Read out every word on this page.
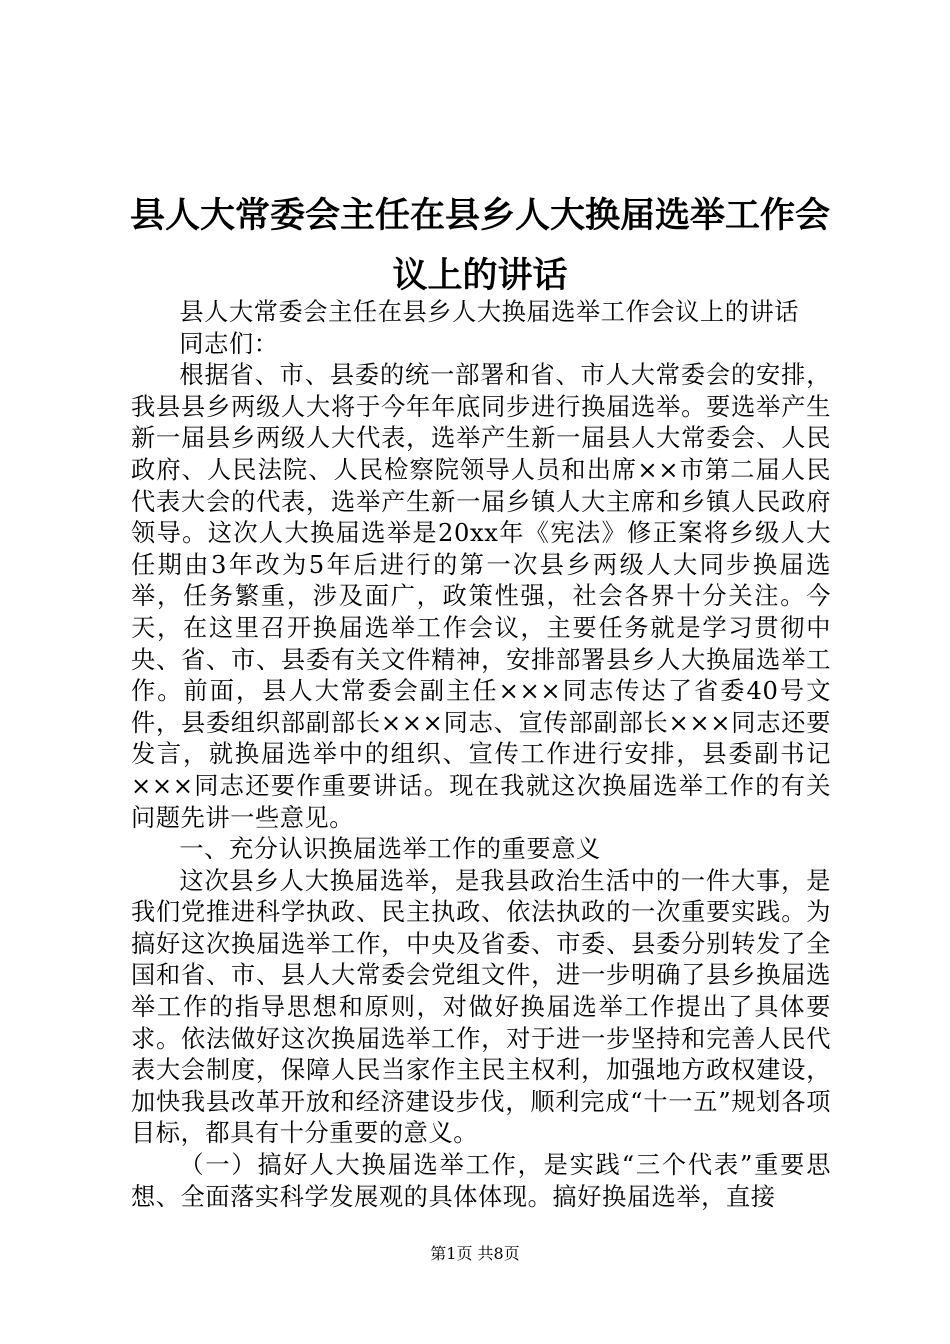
县人大常委会主任在县乡人大换届选举工作会议上的讲话

县人大常委会主任在县乡人大换届选举工作会议上的讲话

同志们：

根据省、市、县委的统一部署和省、市人大常委会的安排，我县县乡两级人大将于今年年底同步进行换届选举。要选举产生新一届县乡两级人大代表，选举产生新一届县人大常委会、人民政府、人民法院、人民检察院领导人员和出席××市第二届人民代表大会的代表，选举产生新一届乡镇人大主席和乡镇人民政府领导。这次人大换届选举是20xx年《宪法》修正案将乡级人大任期由3年改为5年后进行的第一次县乡两级人大同步换届选举，任务繁重，涉及面广，政策性强，社会各界十分关注。今天，在这里召开换届选举工作会议，主要任务就是学习贯彻中央、省、市、县委有关文件精神，安排部署县乡人大换届选举工作。前面，县人大常委会副主任×××同志传达了省委40号文件，县委组织部副部长×××同志、宣传部副部长×××同志还要发言，就换届选举中的组织、宣传工作进行安排，县委副书记×××同志还要作重要讲话。现在我就这次换届选举工作的有关问题先讲一些意见。

一、充分认识换届选举工作的重要意义

这次县乡人大换届选举，是我县政治生活中的一件大事，是我们党推进科学执政、民主执政、依法执政的一次重要实践。为搞好这次换届选举工作，中央及省委、市委、县委分别转发了全国和省、市、县人大常委会党组文件，进一步明确了县乡换届选举工作的指导思想和原则，对做好换届选举工作提出了具体要求。依法做好这次换届选举工作，对于进一步坚持和完善人民代表大会制度，保障人民当家作主民主权利，加强地方政权建设，加快我县改革开放和经济建设步伐，顺利完成“十一五”规划各项目标，都具有十分重要的意义。

（一）搞好人大换届选举工作，是实践“三个代表”重要思想、全面落实科学发展观的具体体现。搞好换届选举，直接

第1页 共8页
